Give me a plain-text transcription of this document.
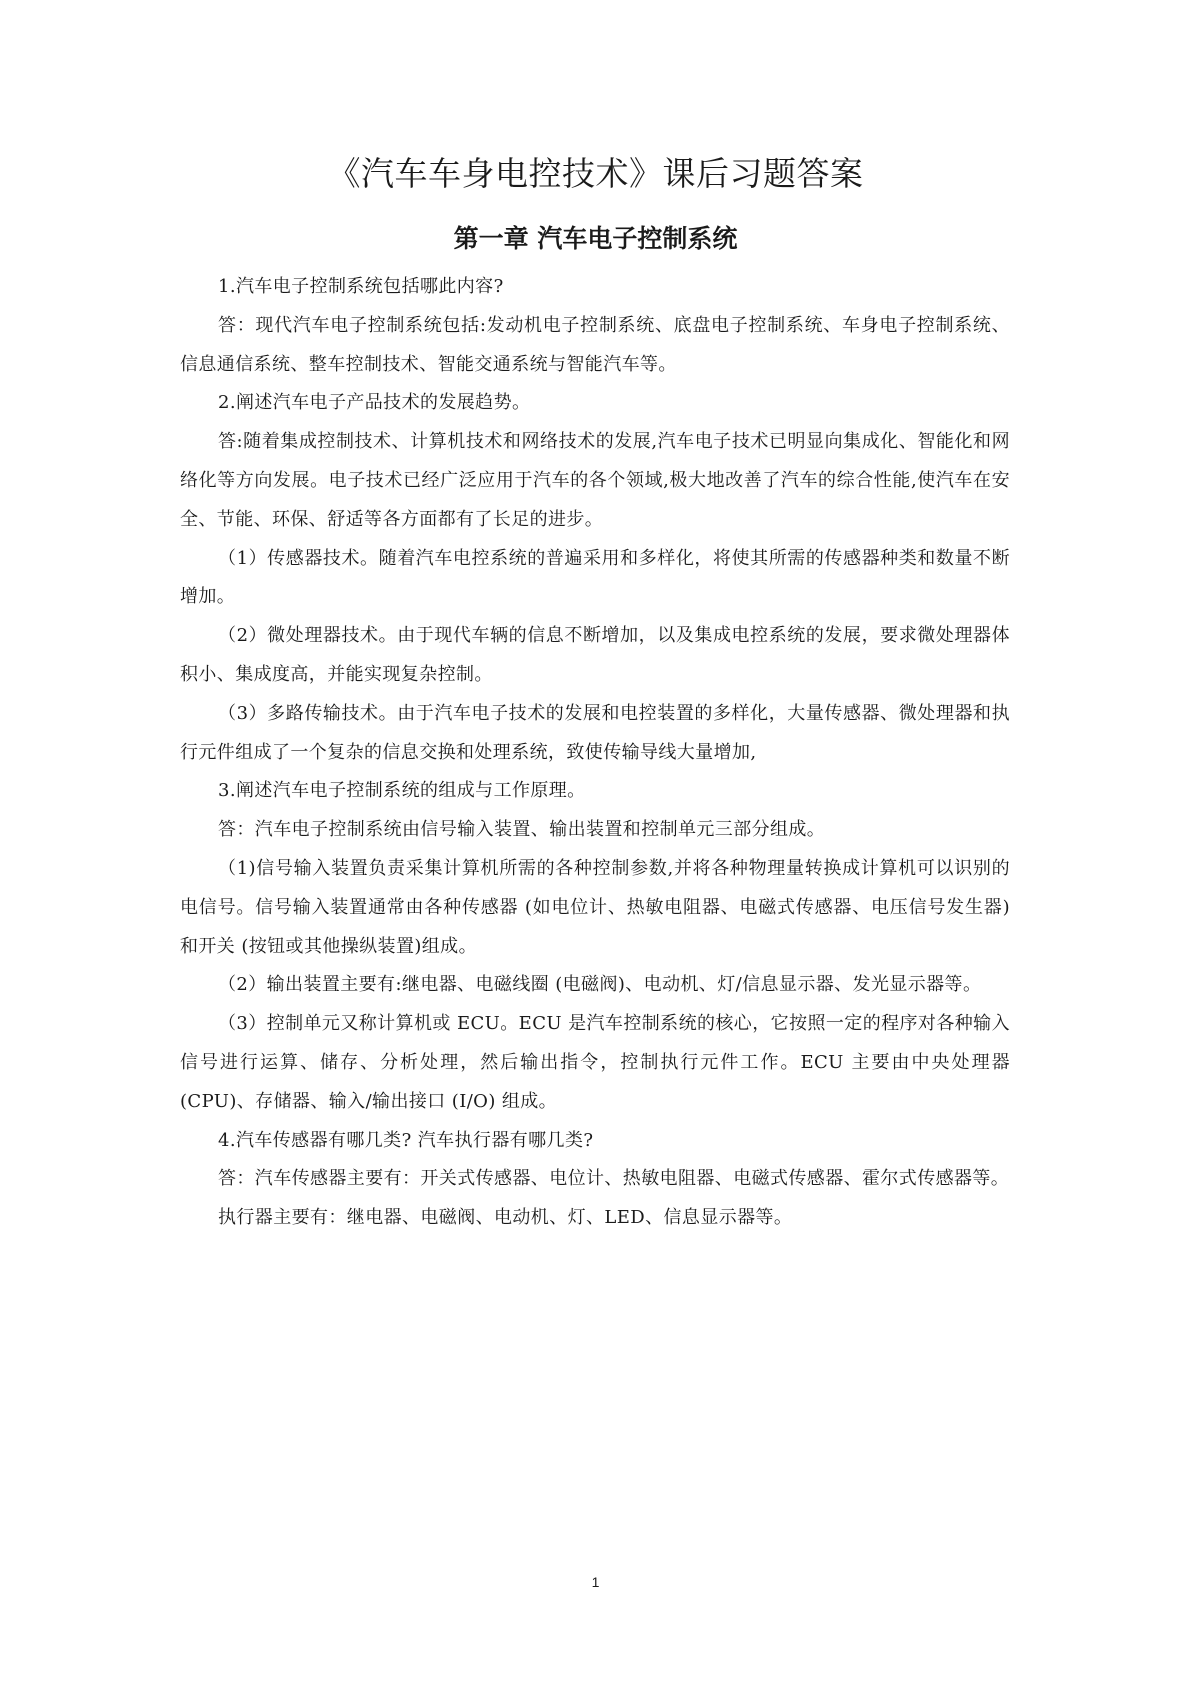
《汽车车身电控技术》课后习题答案
第一章 汽车电子控制系统

1.汽车电子控制系统包括哪此内容?

答：现代汽车电子控制系统包括:发动机电子控制系统、底盘电子控制系统、车身电子控制系统、信息通信系统、整车控制技术、智能交通系统与智能汽车等。

2.阐述汽车电子产品技术的发展趋势。

答:随着集成控制技术、计算机技术和网络技术的发展,汽车电子技术已明显向集成化、智能化和网络化等方向发展。电子技术已经广泛应用于汽车的各个领域,极大地改善了汽车的综合性能,使汽车在安全、节能、环保、舒适等各方面都有了长足的进步。

（1）传感器技术。随着汽车电控系统的普遍采用和多样化，将使其所需的传感器种类和数量不断增加。

（2）微处理器技术。由于现代车辆的信息不断增加，以及集成电控系统的发展，要求微处理器体积小、集成度高，并能实现复杂控制。

（3）多路传输技术。由于汽车电子技术的发展和电控装置的多样化，大量传感器、微处理器和执行元件组成了一个复杂的信息交换和处理系统，致使传输导线大量增加,

3.阐述汽车电子控制系统的组成与工作原理。

答：汽车电子控制系统由信号输入装置、输出装置和控制单元三部分组成。

（1)信号输入装置负责采集计算机所需的各种控制参数,并将各种物理量转换成计算机可以识别的电信号。信号输入装置通常由各种传感器 (如电位计、热敏电阻器、电磁式传感器、电压信号发生器)和开关 (按钮或其他操纵装置)组成。

（2）输出装置主要有:继电器、电磁线圈 (电磁阀)、电动机、灯/信息显示器、发光显示器等。

（3）控制单元又称计算机或 ECU。ECU 是汽车控制系统的核心，它按照一定的程序对各种输入信号进行运算、储存、分析处理，然后输出指令，控制执行元件工作。ECU 主要由中央处理器 (CPU)、存储器、输入/输出接口 (I/O) 组成。

4.汽车传感器有哪几类? 汽车执行器有哪几类?

答：汽车传感器主要有：开关式传感器、电位计、热敏电阻器、电磁式传感器、霍尔式传感器等。

执行器主要有：继电器、电磁阀、电动机、灯、LED、信息显示器等。

1
